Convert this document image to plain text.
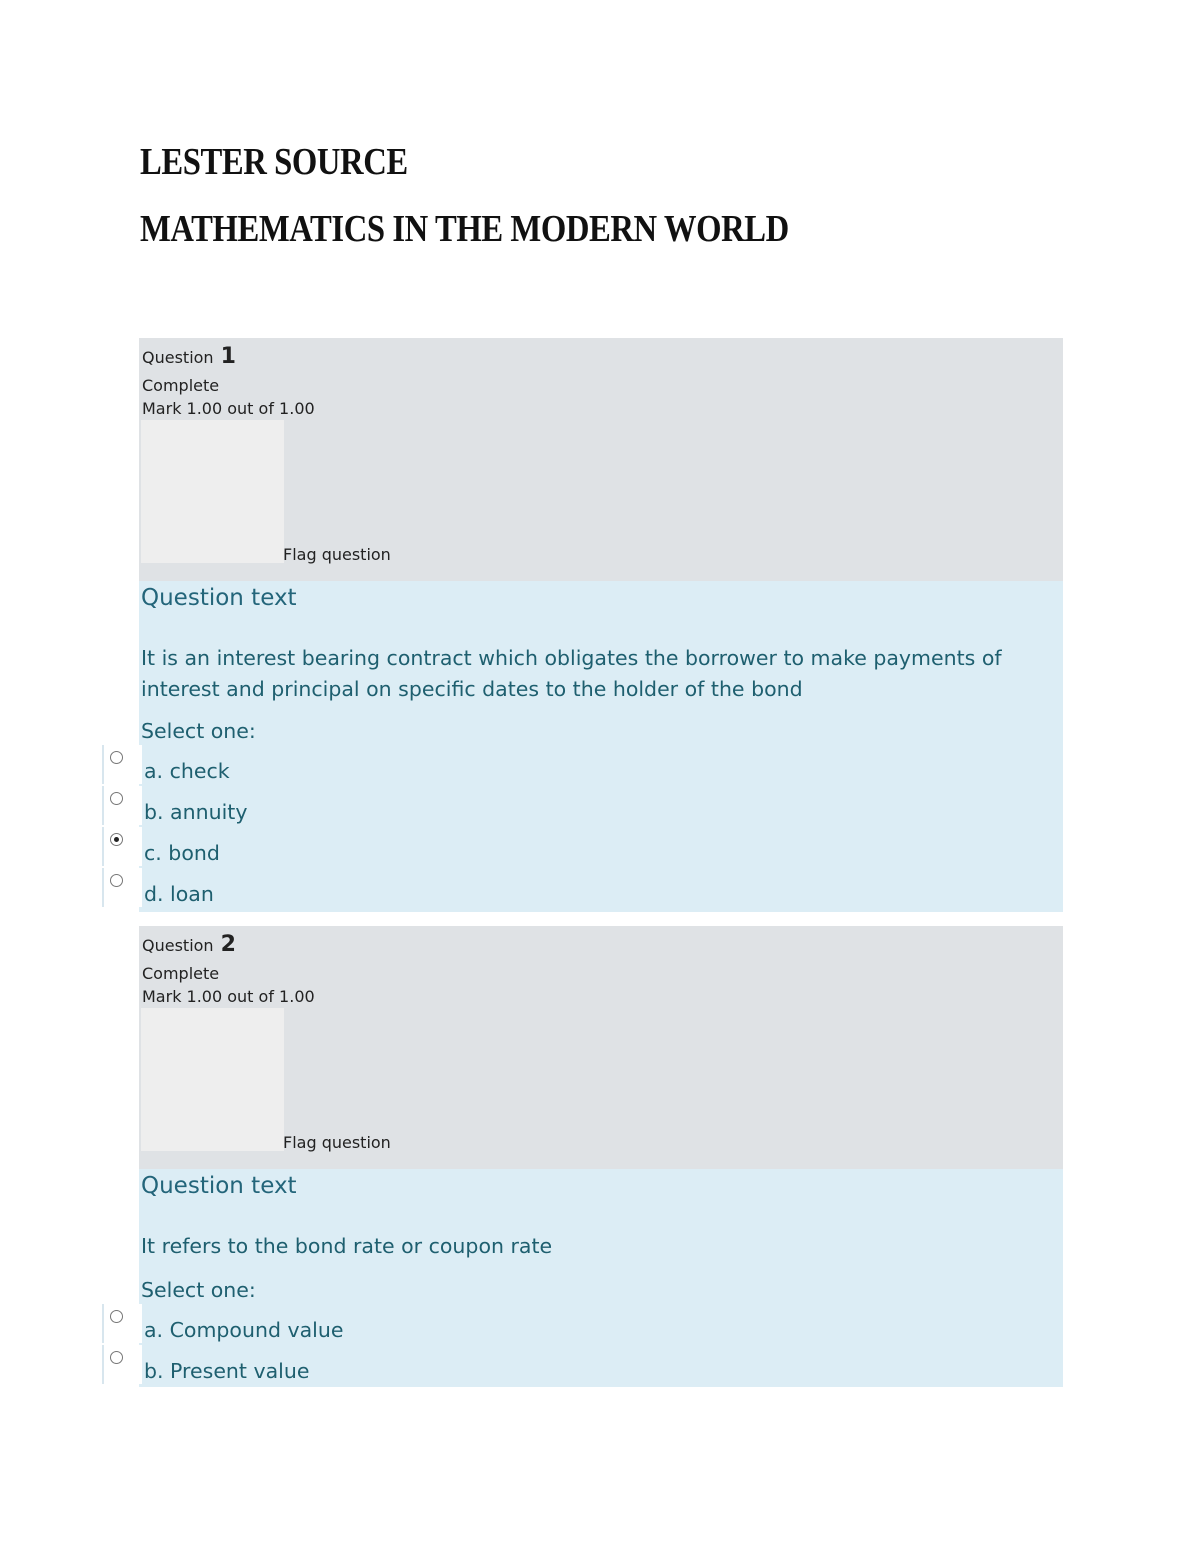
LESTER SOURCE
MATHEMATICS IN THE MODERN WORLD
Question 1
Complete
Mark 1.00 out of 1.00
Flag question
Question text
It is an interest bearing contract which obligates the borrower to make payments of interest and principal on specific dates to the holder of the bond
Select one:
a. check
b. annuity
c. bond
d. loan
Question 2
Complete
Mark 1.00 out of 1.00
Flag question
Question text
It refers to the bond rate or coupon rate
Select one:
a. Compound value
b. Present value
